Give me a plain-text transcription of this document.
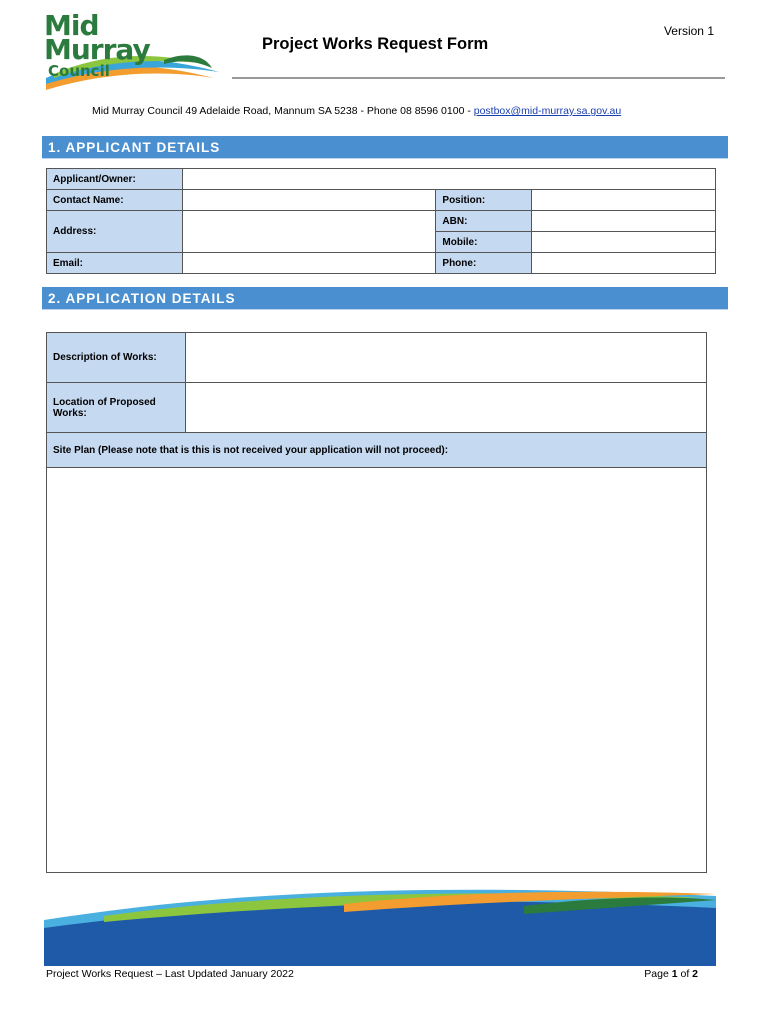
Mid
Murray
Council
Version 1
Project Works Request Form
Mid Murray Council 49 Adelaide Road, Mannum SA 5238 - Phone 08 8596 0100 - postbox@mid-murray.sa.gov.au
1. APPLICANT DETAILS
Applicant/Owner:			
Contact Name:		Position:	
Address:		ABN:	
		Mobile:	
Email:		Phone:	
2. APPLICATION DETAILS
Description of Works:	
Location of Proposed Works:	
Site Plan (Please note that is this is not received your application will not proceed):	

Project Works Request – Last Updated January 2022	Page 1 of 2
